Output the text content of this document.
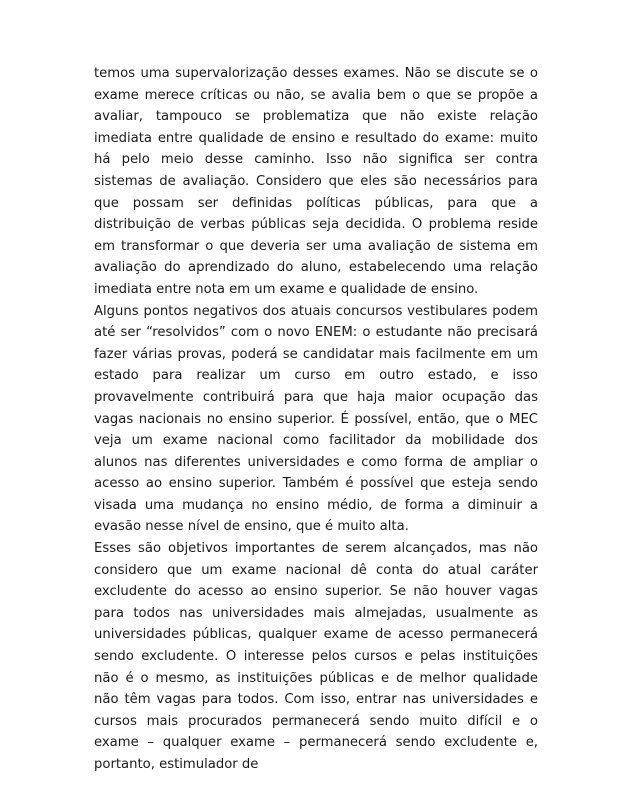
temos uma supervalorização desses exames. Não se discute se o exame merece críticas ou não, se avalia bem o que se propõe a avaliar, tampouco se problematiza que não existe relação imediata entre qualidade de ensino e resultado do exame: muito há pelo meio desse caminho. Isso não significa ser contra sistemas de avaliação. Considero que eles são necessários para que possam ser definidas políticas públicas, para que a distribuição de verbas públicas seja decidida. O problema reside em transformar o que deveria ser uma avaliação de sistema em avaliação do aprendizado do aluno, estabelecendo uma relação imediata entre nota em um exame e qualidade de ensino.

Alguns pontos negativos dos atuais concursos vestibulares podem até ser “resolvidos” com o novo ENEM: o estudante não precisará fazer várias provas, poderá se candidatar mais facilmente em um estado para realizar um curso em outro estado, e isso provavelmente contribuirá para que haja maior ocupação das vagas nacionais no ensino superior. É possível, então, que o MEC veja um exame nacional como facilitador da mobilidade dos alunos nas diferentes universidades e como forma de ampliar o acesso ao ensino superior. Também é possível que esteja sendo visada uma mudança no ensino médio, de forma a diminuir a evasão nesse nível de ensino, que é muito alta.

Esses são objetivos importantes de serem alcançados, mas não considero que um exame nacional dê conta do atual caráter excludente do acesso ao ensino superior. Se não houver vagas para todos nas universidades mais almejadas, usualmente as universidades públicas, qualquer exame de acesso permanecerá sendo excludente. O interesse pelos cursos e pelas instituições não é o mesmo, as instituições públicas e de melhor qualidade não têm vagas para todos. Com isso, entrar nas universidades e cursos mais procurados permanecerá sendo muito difícil e o exame – qualquer exame – permanecerá sendo excludente e, portanto, estimulador de
